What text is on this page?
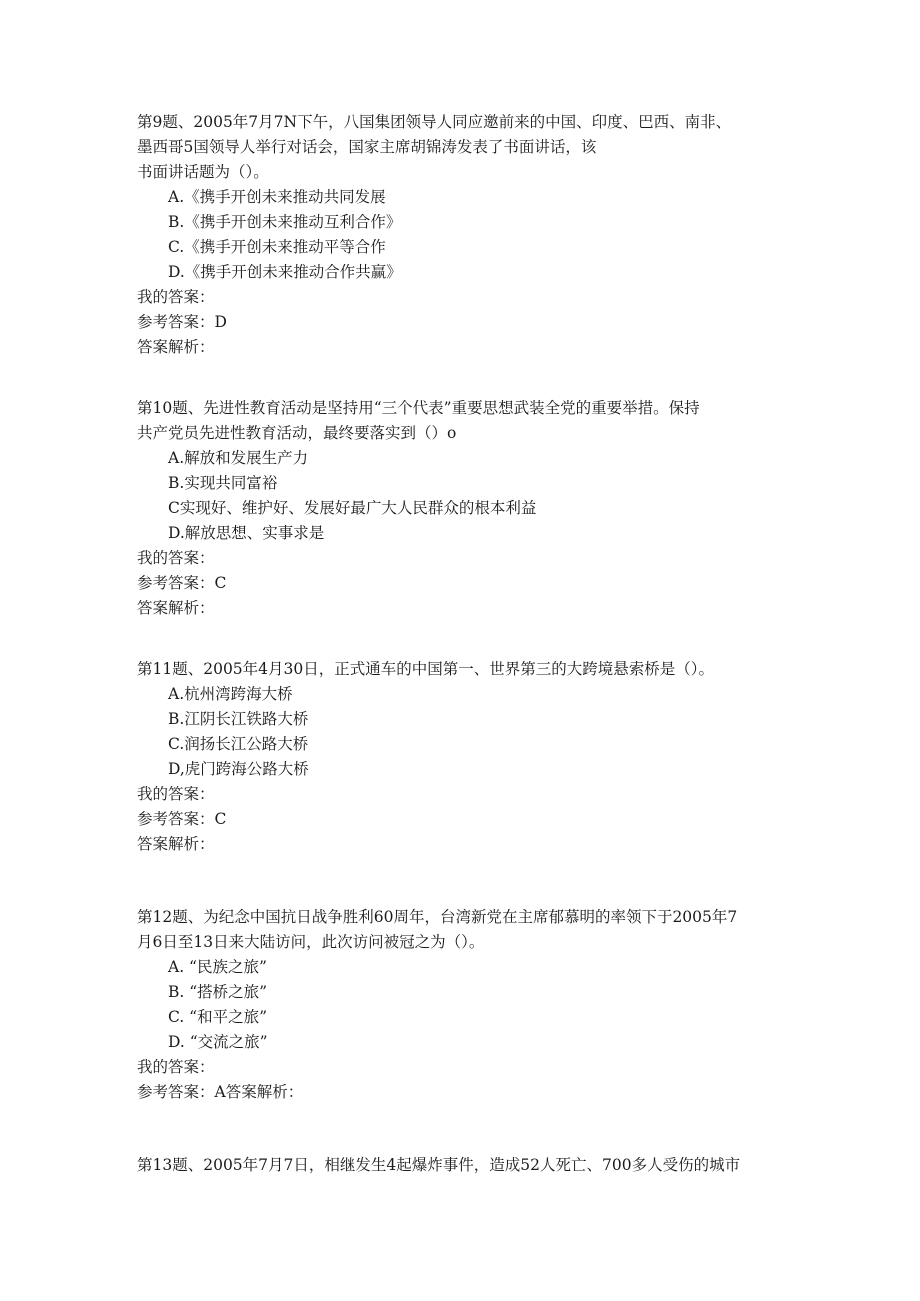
第9题、2005年7月7N下午，八国集团领导人同应邀前来的中国、印度、巴西、南非、
墨西哥5国领导人举行对话会，国家主席胡锦涛发表了书面讲话，该
书面讲话题为（）。

A.《携手开创未来推动共同发展
B.《携手开创未来推动互利合作》
C.《携手开创未来推动平等合作
D.《携手开创未来推动合作共赢》
我的答案：
参考答案：D
答案解析：

第10题、先进性教育活动是坚持用“三个代表”重要思想武装全党的重要举措。保持
共产党员先进性教育活动，最终要落实到（）o

A.解放和发展生产力
B.实现共同富裕
C实现好、维护好、发展好最广大人民群众的根本利益
D.解放思想、实事求是
我的答案：
参考答案：C
答案解析：

第11题、2005年4月30日，正式通车的中国第一、世界第三的大跨境悬索桥是（）。

A.杭州湾跨海大桥
B.江阴长江铁路大桥
C.润扬长江公路大桥
D,虎门跨海公路大桥
我的答案：
参考答案：C
答案解析：

第12题、为纪念中国抗日战争胜利60周年，台湾新党在主席郁慕明的率领下于2005年7
月6日至13日来大陆访问，此次访问被冠之为（）。

A. “民族之旅”
B. “搭桥之旅”
C. “和平之旅”
D. “交流之旅”
我的答案：
参考答案：A答案解析：

第13题、2005年7月7日，相继发生4起爆炸事件，造成52人死亡、700多人受伤的城市
